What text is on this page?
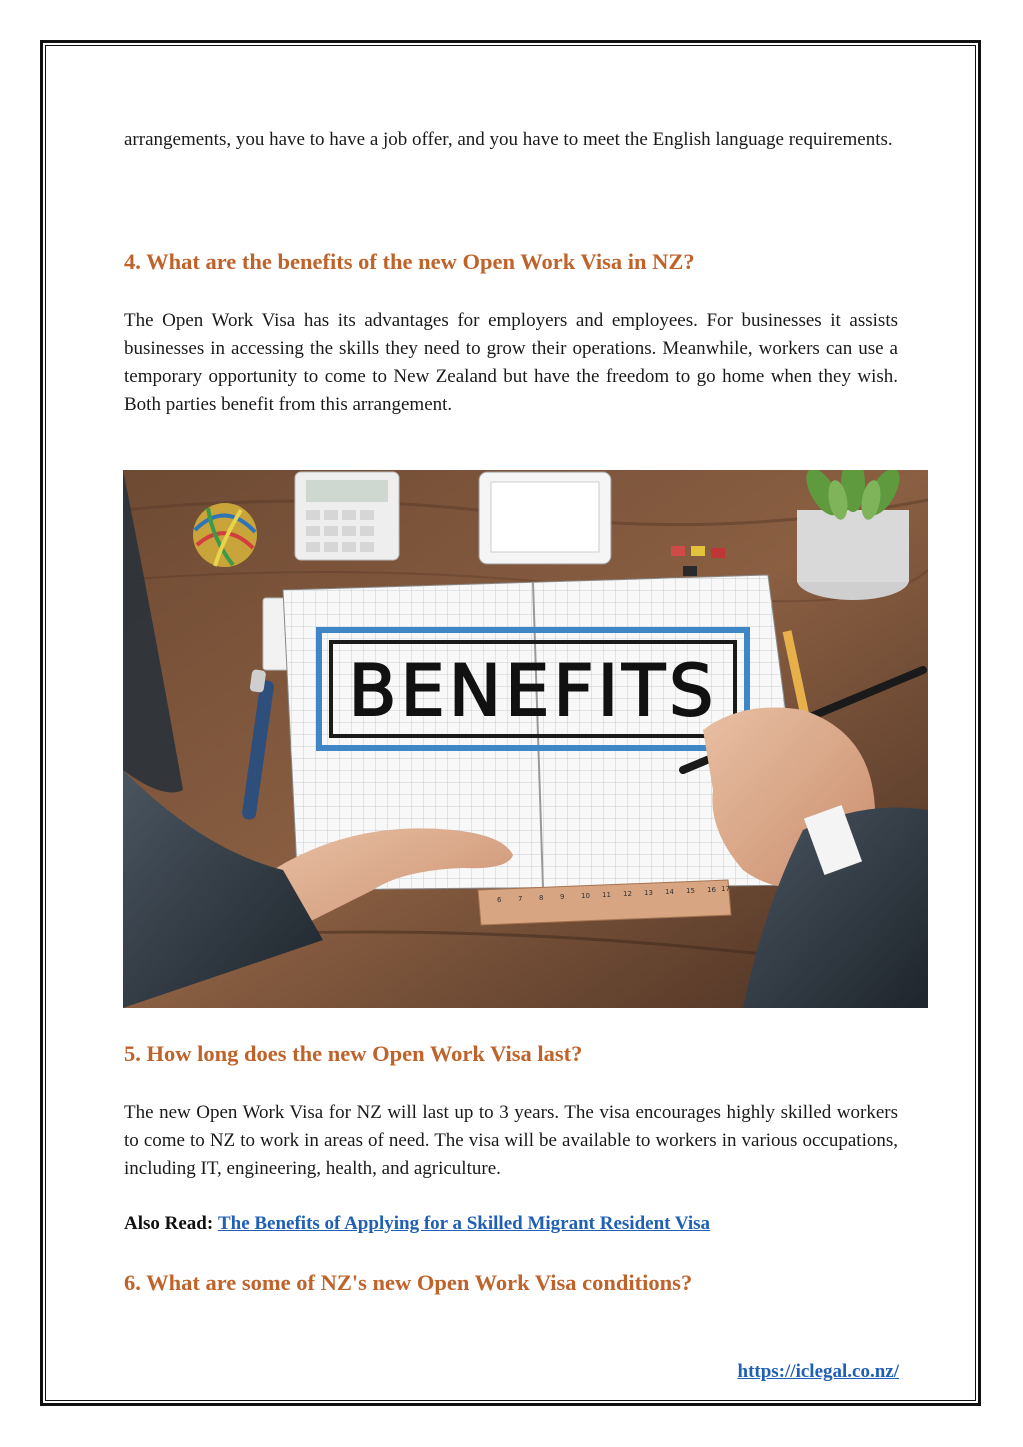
arrangements, you have to have a job offer, and you have to meet the English language requirements.

4. What are the benefits of the new Open Work Visa in NZ?

The Open Work Visa has its advantages for employers and employees. For businesses it assists businesses in accessing the skills they need to grow their operations. Meanwhile, workers can use a temporary opportunity to come to New Zealand but have the freedom to go home when they wish. Both parties benefit from this arrangement.

BENEFITS
6 7 8 9 10 11 12 13 14 15 16 17
5. How long does the new Open Work Visa last?

The new Open Work Visa for NZ will last up to 3 years. The visa encourages highly skilled workers to come to NZ to work in areas of need. The visa will be available to workers in various occupations, including IT, engineering, health, and agriculture.

Also Read: The Benefits of Applying for a Skilled Migrant Resident Visa
6. What are some of NZ's new Open Work Visa conditions?
https://iclegal.co.nz/
